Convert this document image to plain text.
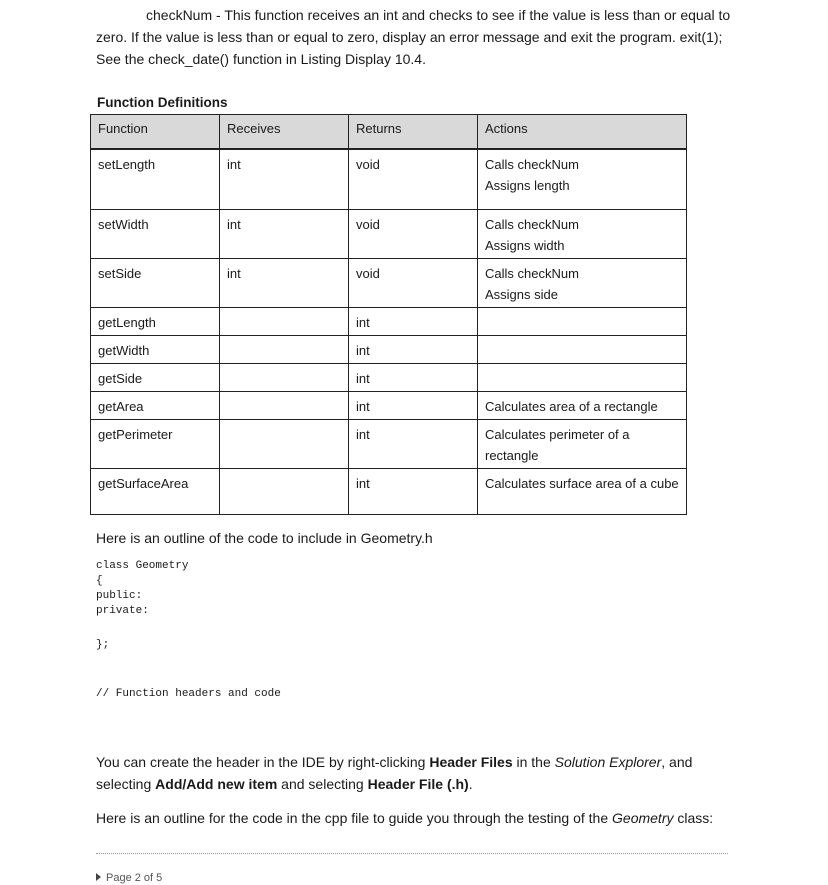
checkNum - This function receives an int and checks to see if the value is less than or equal to zero. If the value is less than or equal to zero, display an error message and exit the program. exit(1); See the check_date() function in Listing Display 10.4.
Function Definitions
Function	Receives	Returns	Actions
setLength	int	void	Calls checkNum
Assigns length

setWidth	int	void	Calls checkNum
Assigns width

setSide	int	void	Calls checkNum
Assigns side

getLength		int	
getWidth		int	
getSide		int	
getArea		int	Calculates area of a rectangle
getPerimeter		int	Calculates perimeter of a rectangle
getSurfaceArea		int	Calculates surface area of a cube
Here is an outline of the code to include in Geometry.h
class Geometry
{
public:
private:
};
// Function headers and code
You can create the header in the IDE by right-clicking Header Files in the Solution Explorer, and selecting Add/Add new item and selecting Header File (.h).
Here is an outline for the code in the cpp file to guide you through the testing of the Geometry class:
Page 2 of 5
